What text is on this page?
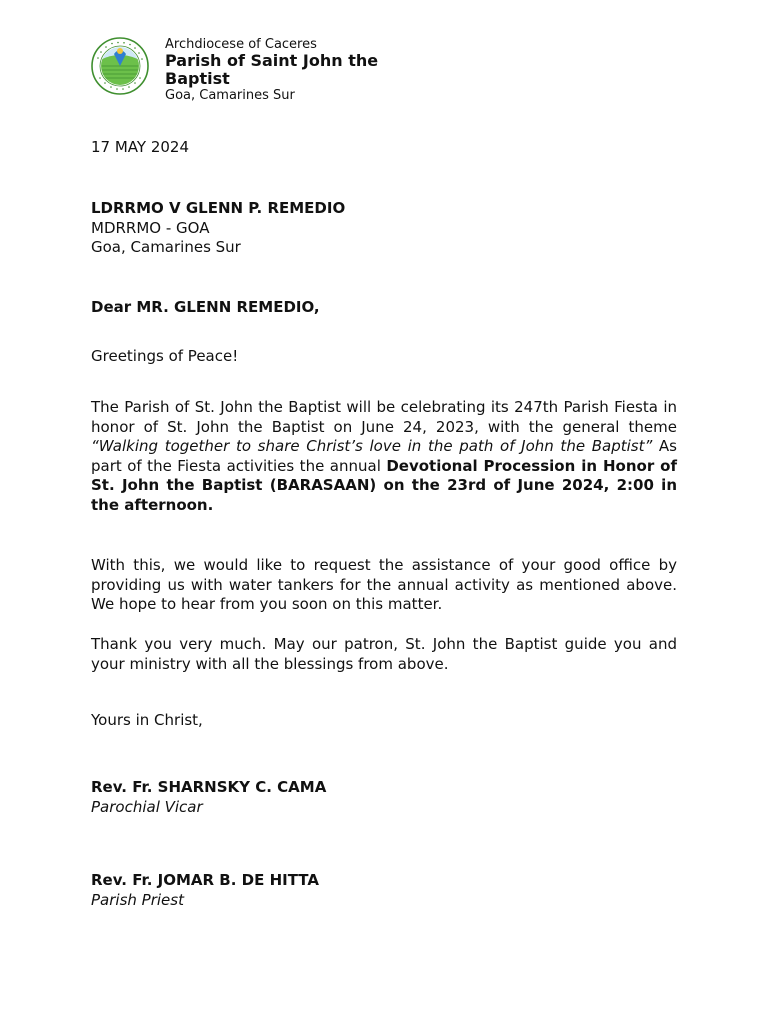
Archdiocese of Caceres

Parish of Saint John the Baptist

Goa, Camarines Sur

17 MAY 2024

LDRRMO V GLENN P. REMEDIO
MDRRMO - GOA
Goa, Camarines Sur

Dear MR. GLENN REMEDIO,

Greetings of Peace!

The Parish of St. John the Baptist will be celebrating its 247th Parish Fiesta in honor of St. John the Baptist on June 24, 2023, with the general theme “Walking together to share Christ’s love in the path of John the Baptist” As part of the Fiesta activities the annual Devotional Procession in Honor of St. John the Baptist (BARASAAN) on the 23rd of June 2024, 2:00 in the afternoon.

With this, we would like to request the assistance of your good office by providing us with water tankers for the annual activity as mentioned above. We hope to hear from you soon on this matter.

Thank you very much. May our patron, St. John the Baptist guide you and your ministry with all the blessings from above.

Yours in Christ,

Rev. Fr. SHARNSKY C. CAMA
Parochial Vicar

Rev. Fr. JOMAR B. DE HITTA
Parish Priest
